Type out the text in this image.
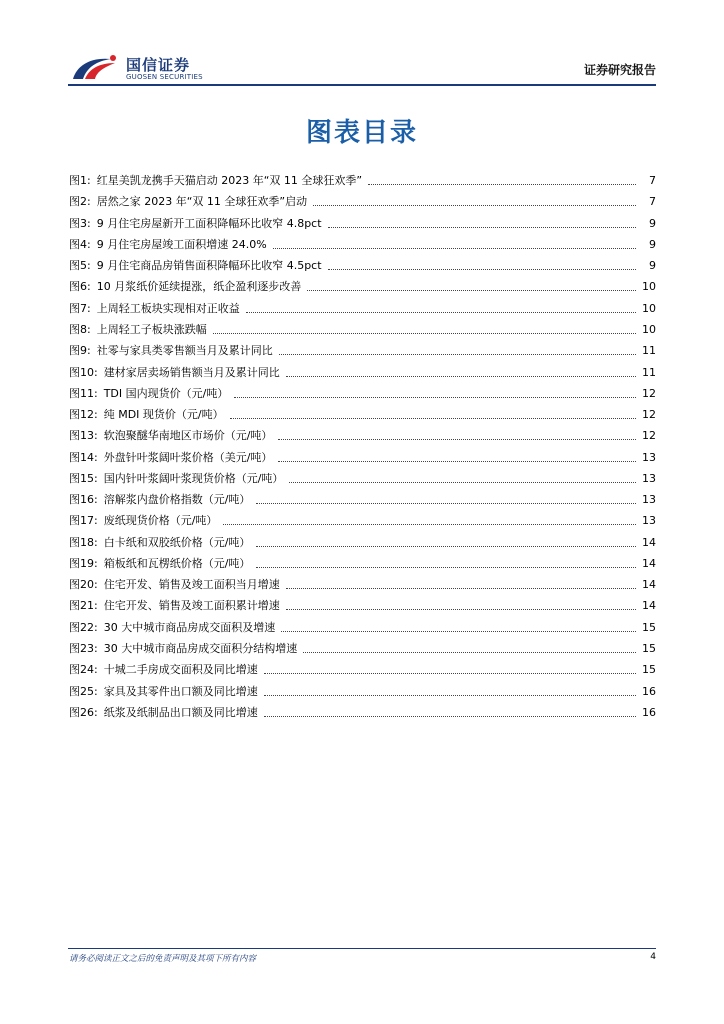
国信证券
GUOSEN SECURITIES	证券研究报告
图表目录
图1: 红星美凯龙携手天猫启动 2023 年“双 11 全球狂欢季”	7
图2: 居然之家 2023 年“双 11 全球狂欢季”启动	7
图3: 9 月住宅房屋新开工面积降幅环比收窄 4.8pct	9
图4: 9 月住宅房屋竣工面积增速 24.0%	9
图5: 9 月住宅商品房销售面积降幅环比收窄 4.5pct	9
图6: 10 月浆纸价延续提涨，纸企盈利逐步改善	10
图7: 上周轻工板块实现相对正收益	10
图8: 上周轻工子板块涨跌幅	10
图9: 社零与家具类零售额当月及累计同比	11
图10: 建材家居卖场销售额当月及累计同比	11
图11: TDI 国内现货价（元/吨）	12
图12: 纯 MDI 现货价（元/吨）	12
图13: 软泡聚醚华南地区市场价（元/吨）	12
图14: 外盘针叶浆阔叶浆价格（美元/吨）	13
图15: 国内针叶浆阔叶浆现货价格（元/吨）	13
图16: 溶解浆内盘价格指数（元/吨）	13
图17: 废纸现货价格（元/吨）	13
图18: 白卡纸和双胶纸价格（元/吨）	14
图19: 箱板纸和瓦楞纸价格（元/吨）	14
图20: 住宅开发、销售及竣工面积当月增速	14
图21: 住宅开发、销售及竣工面积累计增速	14
图22: 30 大中城市商品房成交面积及增速	15
图23: 30 大中城市商品房成交面积分结构增速	15
图24: 十城二手房成交面积及同比增速	15
图25: 家具及其零件出口额及同比增速	16
图26: 纸浆及纸制品出口额及同比增速	16
请务必阅读正文之后的免责声明及其项下所有内容	4
